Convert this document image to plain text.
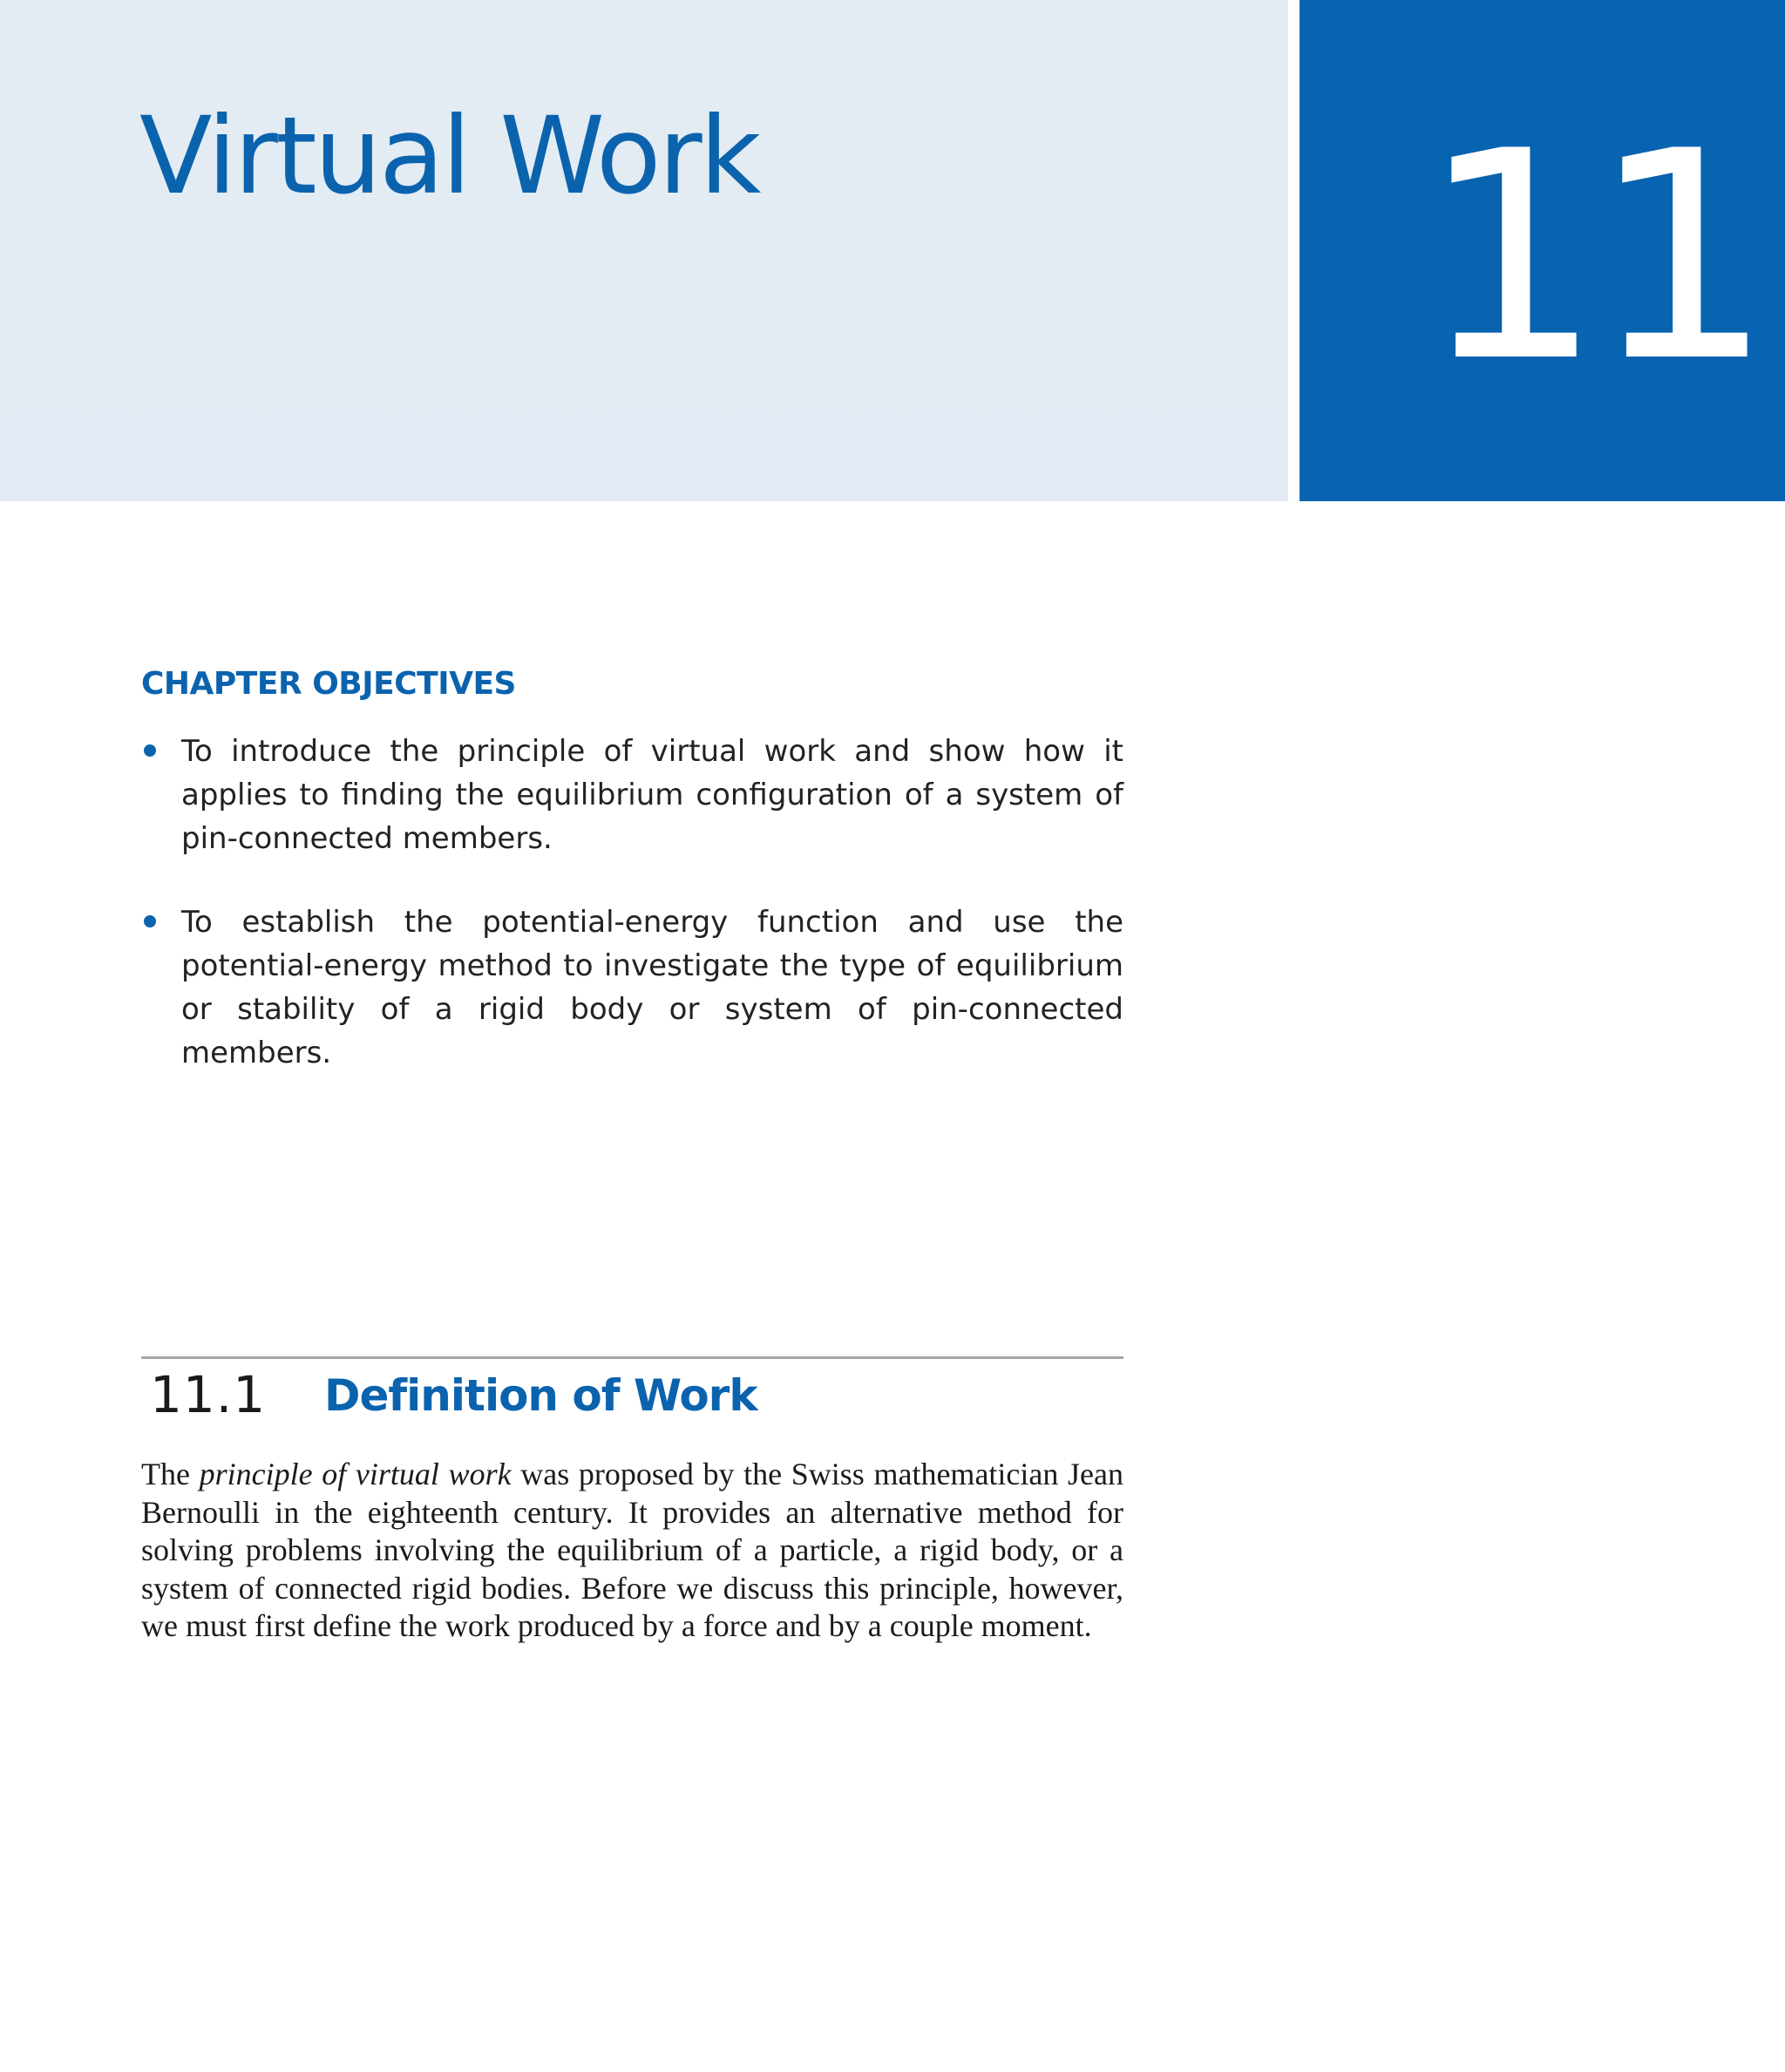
Virtual Work	11
CHAPTER OBJECTIVES
To introduce the principle of virtual work and show how it applies to finding the equilibrium configuration of a system of pin-connected members.
To establish the potential-energy function and use the potential-energy method to investigate the type of equilibrium or stability of a rigid body or system of pin-connected members.
11.1 Definition of Work

The principle of virtual work was proposed by the Swiss mathematician Jean Bernoulli in the eighteenth century. It provides an alternative method for solving problems involving the equilibrium of a particle, a rigid body, or a system of connected rigid bodies. Before we discuss this principle, however, we must first define the work produced by a force and by a couple moment.
